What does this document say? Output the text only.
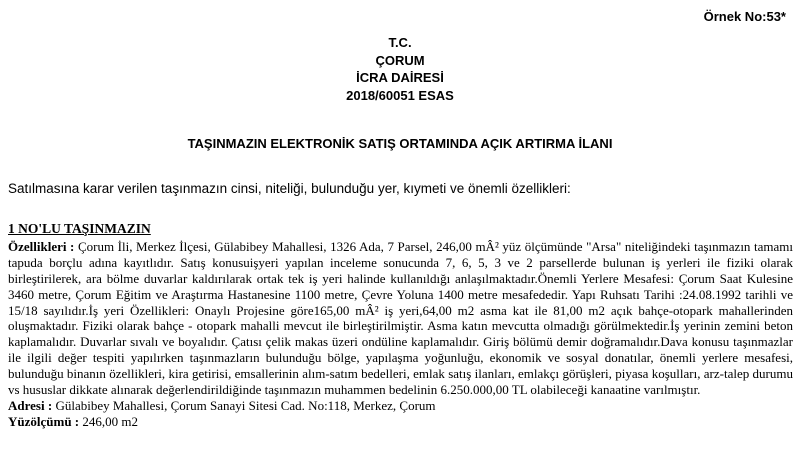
Örnek No:53*
T.C.
ÇORUM
İCRA DAİRESİ
2018/60051 ESAS
TAŞINMAZIN ELEKTRONİK SATIŞ ORTAMINDA AÇIK ARTIRMA İLANI
Satılmasına karar verilen taşınmazın cinsi, niteliği, bulunduğu yer, kıymeti ve önemli özellikleri:
1 NO'LU TAŞINMAZIN
Özellikleri : Çorum İli, Merkez İlçesi, Gülabibey Mahallesi, 1326 Ada, 7 Parsel, 246,00 mÂ² yüz ölçümünde "Arsa" niteliğindeki taşınmazın tamamı tapuda borçlu adına kayıtlıdır. Satış konusuişyeri yapılan inceleme sonucunda 7, 6, 5, 3 ve 2 parsellerde bulunan iş yerleri ile fiziki olarak birleştirilerek, ara bölme duvarlar kaldırılarak ortak tek iş yeri halinde kullanıldığı anlaşılmaktadır.Önemli Yerlere Mesafesi: Çorum Saat Kulesine 3460 metre, Çorum Eğitim ve Araştırma Hastanesine 1100 metre, Çevre Yoluna 1400 metre mesafededir. Yapı Ruhsatı Tarihi :24.08.1992 tarihli ve 15/18 sayılıdır.İş yeri Özellikleri: Onaylı Projesine göre165,00 mÂ² iş yeri,64,00 m2 asma kat ile 81,00 m2 açık bahçe-otopark mahallerinden oluşmaktadır. Fiziki olarak bahçe - otopark mahalli mevcut ile birleştirilmiştir. Asma katın mevcutta olmadığı görülmektedir.İş yerinin zemini beton kaplamalıdır. Duvarlar sıvalı ve boyalıdır. Çatısı çelik makas üzeri ondüline kaplamalıdır. Giriş bölümü demir doğramalıdır.Dava konusu taşınmazlar ile ilgili değer tespiti yapılırken taşınmazların bulunduğu bölge, yapılaşma yoğunluğu, ekonomik ve sosyal donatılar, önemli yerlere mesafesi, bulunduğu binanın özellikleri, kira getirisi, emsallerinin alım-satım bedelleri, emlak satış ilanları, emlakçı görüşleri, piyasa koşulları, arz-talep durumu vs hususlar dikkate alınarak değerlendirildiğinde taşınmazın muhammen bedelinin 6.250.000,00 TL olabileceği kanaatine varılmıştır.
Adresi : Gülabibey Mahallesi, Çorum Sanayi Sitesi Cad. No:118, Merkez, Çorum
Yüzölçümü : 246,00 m2
